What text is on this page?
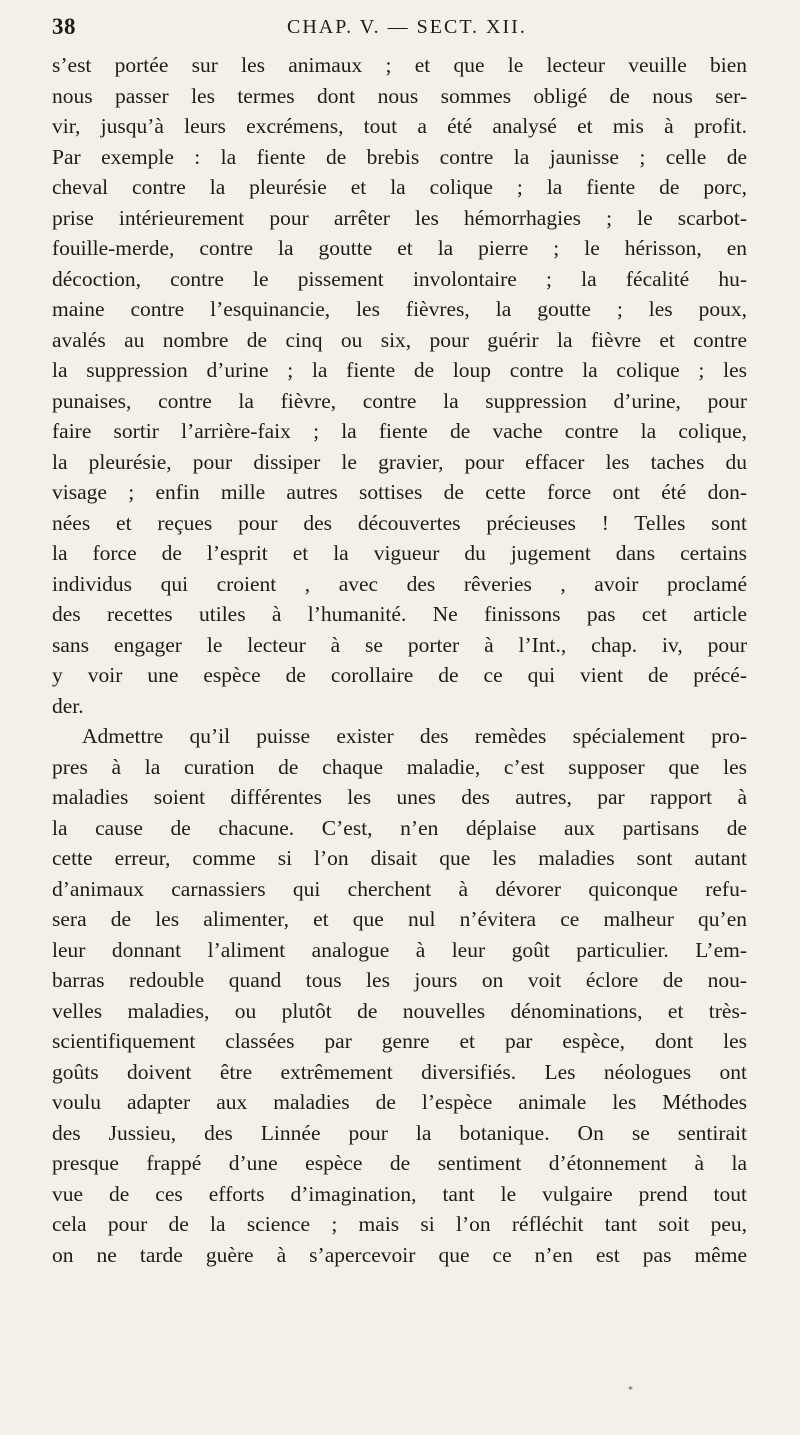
38	CHAP. V. — SECT. XII.
s’est portée sur les animaux ; et que le lecteur veuille bien
nous passer les termes dont nous sommes obligé de nous ser-
vir, jusqu’à leurs excrémens, tout a été analysé et mis à profit.
Par exemple : la fiente de brebis contre la jaunisse ; celle de
cheval contre la pleurésie et la colique ; la fiente de porc,
prise intérieurement pour arrêter les hémorrhagies ; le scarbot-
fouille-merde, contre la goutte et la pierre ; le hérisson, en
décoction, contre le pissement involontaire ; la fécalité hu-
maine contre l’esquinancie, les fièvres, la goutte ; les poux,
avalés au nombre de cinq ou six, pour guérir la fièvre et contre
la suppression d’urine ; la fiente de loup contre la colique ; les
punaises, contre la fièvre, contre la suppression d’urine, pour
faire sortir l’arrière-faix ; la fiente de vache contre la colique,
la pleurésie, pour dissiper le gravier, pour effacer les taches du
visage ; enfin mille autres sottises de cette force ont été don-
nées et reçues pour des découvertes précieuses ! Telles sont
la force de l’esprit et la vigueur du jugement dans certains
individus qui croient , avec des rêveries , avoir proclamé
des recettes utiles à l’humanité. Ne finissons pas cet article
sans engager le lecteur à se porter à l’Int., chap. iv, pour
y voir une espèce de corollaire de ce qui vient de précé-
der.
Admettre qu’il puisse exister des remèdes spécialement pro-
pres à la curation de chaque maladie, c’est supposer que les
maladies soient différentes les unes des autres, par rapport à
la cause de chacune. C’est, n’en déplaise aux partisans de
cette erreur, comme si l’on disait que les maladies sont autant
d’animaux carnassiers qui cherchent à dévorer quiconque refu-
sera de les alimenter, et que nul n’évitera ce malheur qu’en
leur donnant l’aliment analogue à leur goût particulier. L’em-
barras redouble quand tous les jours on voit éclore de nou-
velles maladies, ou plutôt de nouvelles dénominations, et très-
scientifiquement classées par genre et par espèce, dont les
goûts doivent être extrêmement diversifiés. Les néologues ont
voulu adapter aux maladies de l’espèce animale les Méthodes
des Jussieu, des Linnée pour la botanique. On se sentirait
presque frappé d’une espèce de sentiment d’étonnement à la
vue de ces efforts d’imagination, tant le vulgaire prend tout
cela pour de la science ; mais si l’on réfléchit tant soit peu,
on ne tarde guère à s’apercevoir que ce n’en est pas même
*
